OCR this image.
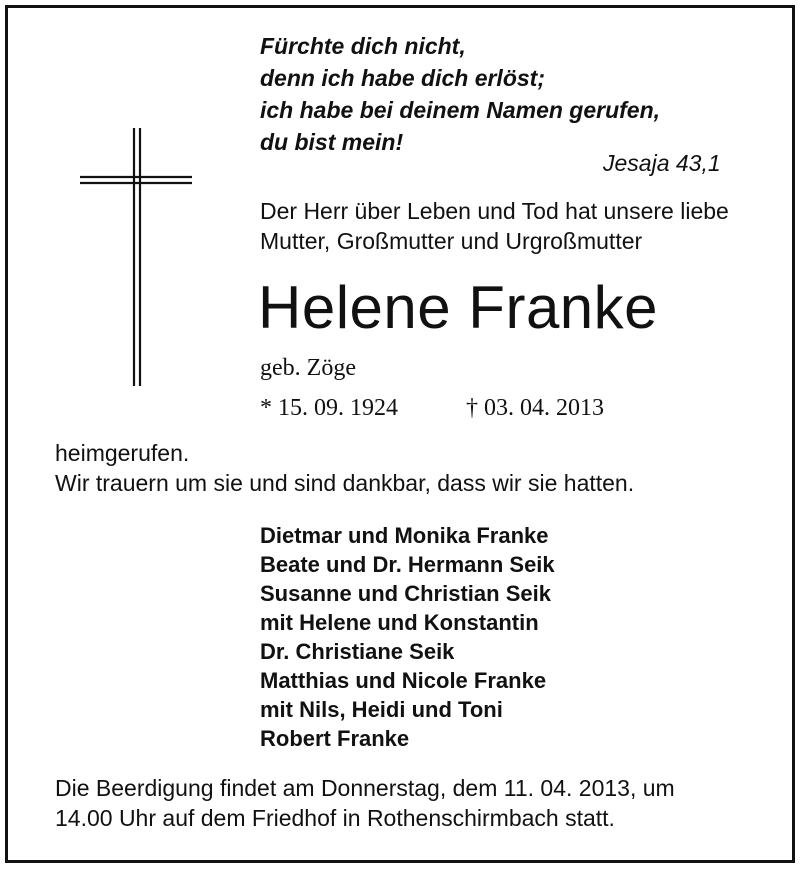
Fürchte dich nicht,
denn ich habe dich erlöst;
ich habe bei deinem Namen gerufen,
du bist mein!
Jesaja 43,1
Der Herr über Leben und Tod hat unsere liebe
Mutter, Großmutter und Urgroßmutter
Helene Franke
geb. Zöge
* 15. 09. 1924	† 03. 04. 2013
heimgerufen.
Wir trauern um sie und sind dankbar, dass wir sie hatten.
Dietmar und Monika Franke
Beate und Dr. Hermann Seik
Susanne und Christian Seik
mit Helene und Konstantin
Dr. Christiane Seik
Matthias und Nicole Franke
mit Nils, Heidi und Toni
Robert Franke
Die Beerdigung findet am Donnerstag, dem 11. 04. 2013, um
14.00 Uhr auf dem Friedhof in Rothenschirmbach statt.
